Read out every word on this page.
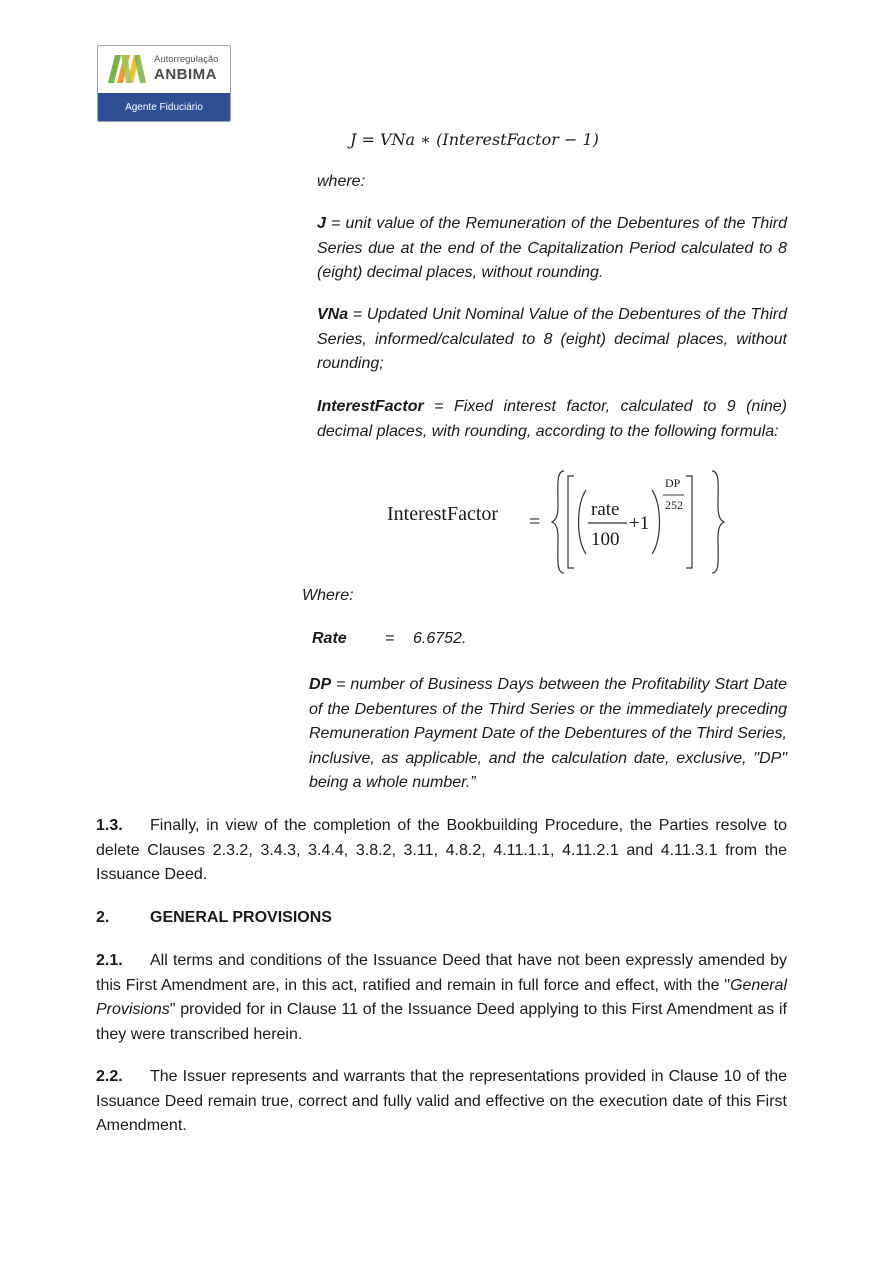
Autorregulação
ANBIMA
Agente Fiduciário
J = VNa ∗ (InterestFactor − 1)
where:
J = unit value of the Remuneration of the Debentures of the Third Series due at the end of the Capitalization Period calculated to 8 (eight) decimal places, without rounding.
VNa = Updated Unit Nominal Value of the Debentures of the Third Series, informed/calculated to 8 (eight) decimal places, without rounding;
InterestFactor = Fixed interest factor, calculated to 9 (nine) decimal places, with rounding, according to the following formula:
InterestFactor =
rate
100
+1
DP
252
Where:
Rate = 6.6752.
DP = number of Business Days between the Profitability Start Date of the Debentures of the Third Series or the immediately preceding Remuneration Payment Date of the Debentures of the Third Series, inclusive, as applicable, and the calculation date, exclusive, "DP" being a whole number.”
1.3. Finally, in view of the completion of the Bookbuilding Procedure, the Parties resolve to delete Clauses 2.3.2, 3.4.3, 3.4.4, 3.8.2, 3.11, 4.8.2, 4.11.1.1, 4.11.2.1 and 4.11.3.1 from the Issuance Deed.
2.	GENERAL PROVISIONS
2.1. All terms and conditions of the Issuance Deed that have not been expressly amended by this First Amendment are, in this act, ratified and remain in full force and effect, with the "General Provisions" provided for in Clause 11 of the Issuance Deed applying to this First Amendment as if they were transcribed herein.
2.2. The Issuer represents and warrants that the representations provided in Clause 10 of the Issuance Deed remain true, correct and fully valid and effective on the execution date of this First Amendment.
